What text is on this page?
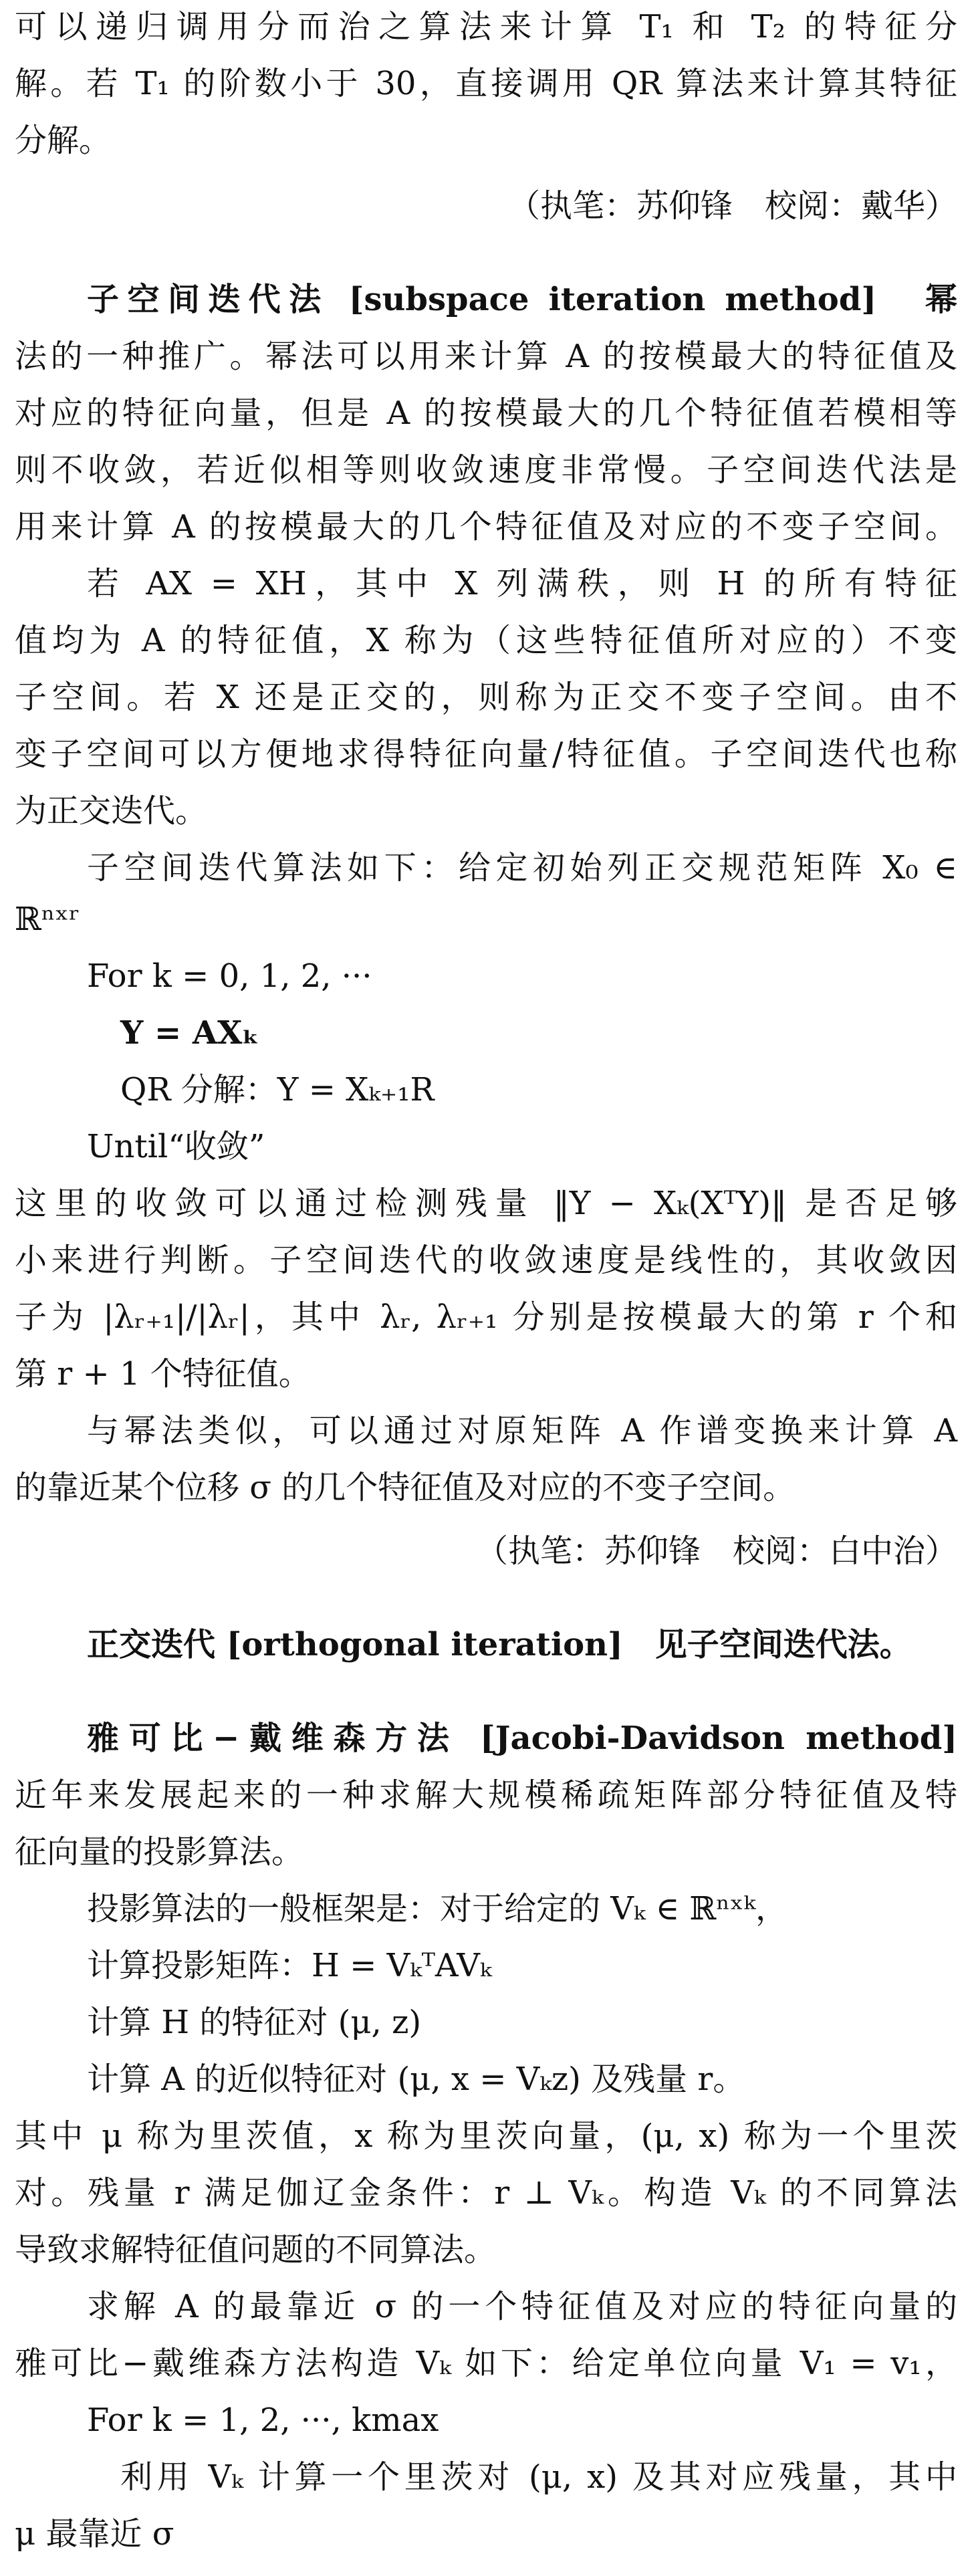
可以递归调用分而治之算法来计算 T₁ 和 T₂ 的特征分
解。若 T₁ 的阶数小于 30，直接调用 QR 算法来计算其特征
分解。
（执笔：苏仰锋　校阅：戴华）
子空间迭代法 [subspace iteration method]　幂
法的一种推广。幂法可以用来计算 A 的按模最大的特征值及
对应的特征向量，但是 A 的按模最大的几个特征值若模相等
则不收敛，若近似相等则收敛速度非常慢。子空间迭代法是
用来计算 A 的按模最大的几个特征值及对应的不变子空间。
若 AX = XH，其中 X 列满秩，则 H 的所有特征
值均为 A 的特征值，X 称为（这些特征值所对应的）不变
子空间。若 X 还是正交的，则称为正交不变子空间。由不
变子空间可以方便地求得特征向量/特征值。子空间迭代也称
为正交迭代。
子空间迭代算法如下：给定初始列正交规范矩阵 X₀ ∈
ℝⁿˣʳ
For k = 0, 1, 2, ···
Y = AXₖ
QR 分解：Y = Xₖ₊₁R
Until“收敛”
这里的收敛可以通过检测残量 ‖Y − Xₖ(XᵀY)‖ 是否足够
小来进行判断。子空间迭代的收敛速度是线性的，其收敛因
子为 |λᵣ₊₁|/|λᵣ|，其中 λᵣ, λᵣ₊₁ 分别是按模最大的第 r 个和
第 r + 1 个特征值。
与幂法类似，可以通过对原矩阵 A 作谱变换来计算 A
的靠近某个位移 σ 的几个特征值及对应的不变子空间。
（执笔：苏仰锋　校阅：白中治）
正交迭代 [orthogonal iteration]　见子空间迭代法。
雅可比−戴维森方法 [Jacobi-Davidson method]
近年来发展起来的一种求解大规模稀疏矩阵部分特征值及特
征向量的投影算法。
投影算法的一般框架是：对于给定的 Vₖ ∈ ℝⁿˣᵏ，
计算投影矩阵：H = VₖᵀAVₖ
计算 H 的特征对 (μ, z)
计算 A 的近似特征对 (μ, x = Vₖz) 及残量 r。
其中 μ 称为里茨值，x 称为里茨向量，(μ, x) 称为一个里茨
对。残量 r 满足伽辽金条件：r ⊥ Vₖ。构造 Vₖ 的不同算法
导致求解特征值问题的不同算法。
求解 A 的最靠近 σ 的一个特征值及对应的特征向量的
雅可比−戴维森方法构造 Vₖ 如下：给定单位向量 V₁ = v₁，
For k = 1, 2, ···, kmax
利用 Vₖ 计算一个里茨对 (μ, x) 及其对应残量，其中
μ 最靠近 σ
